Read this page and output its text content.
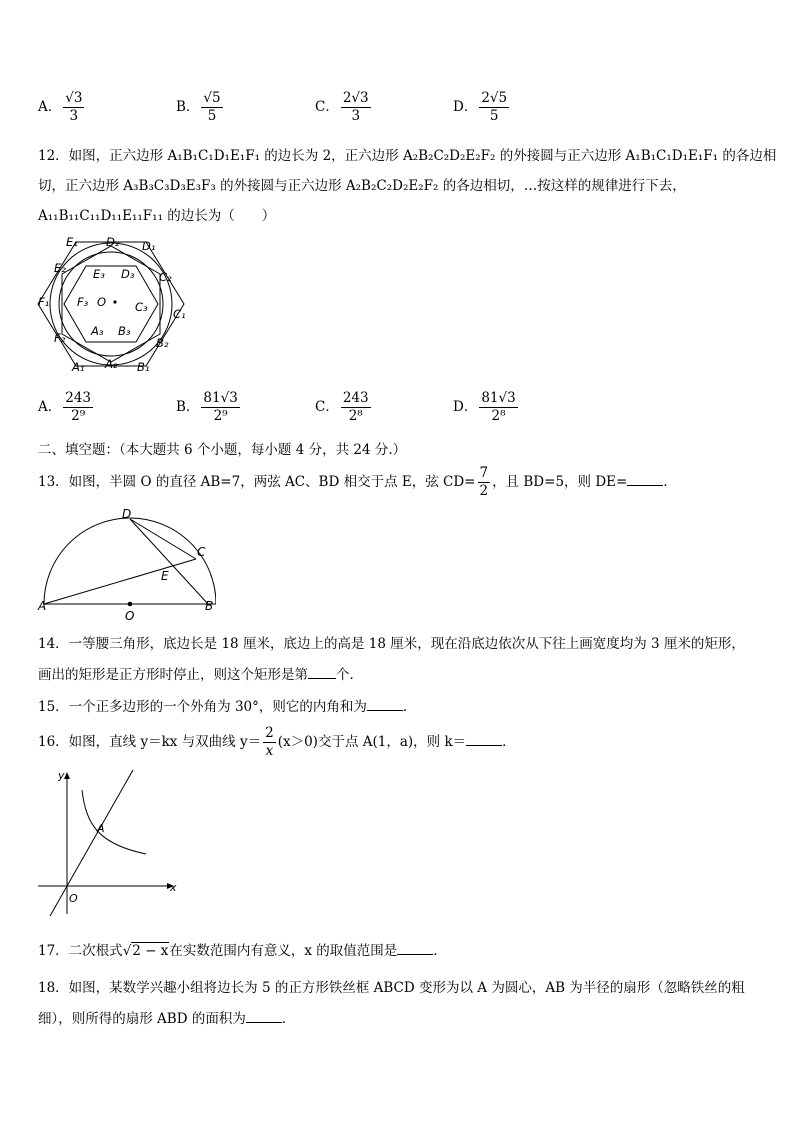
A． $\frac{√3}{3}$	B． $\frac{√5}{5}$	C． $\frac{2√3}{3}$	D． $\frac{2√5}{5}$
12．如图，正六边形 A₁B₁C₁D₁E₁F₁ 的边长为 2，正六边形 A₂B₂C₂D₂E₂F₂ 的外接圆与正六边形 A₁B₁C₁D₁E₁F₁ 的各边相
切，正六边形 A₃B₃C₃D₃E₃F₃ 的外接圆与正六边形 A₂B₂C₂D₂E₂F₂ 的各边相切，…按这样的规律进行下去，
A₁₁B₁₁C₁₁D₁₁E₁₁F₁₁ 的边长为（　　）
E₁	D₁
D₂
E₂
C₂
E₃ D₃
F₁ F₃ O	C₃ C₁
A₃ B₃
F₂	B₂
A₁ A₂ B₁
A． $\frac{243}{\text{2⁹}}$	B． $\frac{81√3}{\text{2⁹}}$	C． $\frac{243}{\text{2⁸}}$	D． $\frac{81√3}{\text{2⁸}}$
二、填空题：（本大题共 6 个小题，每小题 4 分，共 24 分.）
13．如图，半圆 O 的直径 AB=7，两弦 AC、BD 相交于点 E，弦 $CD= \frac{7}{2}$ ，且 BD=5，则 DE=	．
D
C
E
A
O
B
14．一等腰三角形，底边长是 18 厘米，底边上的高是 18 厘米，现在沿底边依次从下往上画宽度均为 3 厘米的矩形，
画出的矩形是正方形时停止，则这个矩形是第 个．
15．一个正多边形的一个外角为 30°，则它的内角和为	．
16．如图，直线 y＝kx 与双曲线 $y= \frac{2}{x} (x>0)$交于点 A(1，a)，则 k＝	．
y
A
x
O
17．二次根式√2 − x在实数范围内有意义，x 的取值范围是	．
18．如图，某数学兴趣小组将边长为 5 的正方形铁丝框 ABCD 变形为以 A 为圆心，AB 为半径的扇形（忽略铁丝的粗
细），则所得的扇形 ABD 的面积为	．
